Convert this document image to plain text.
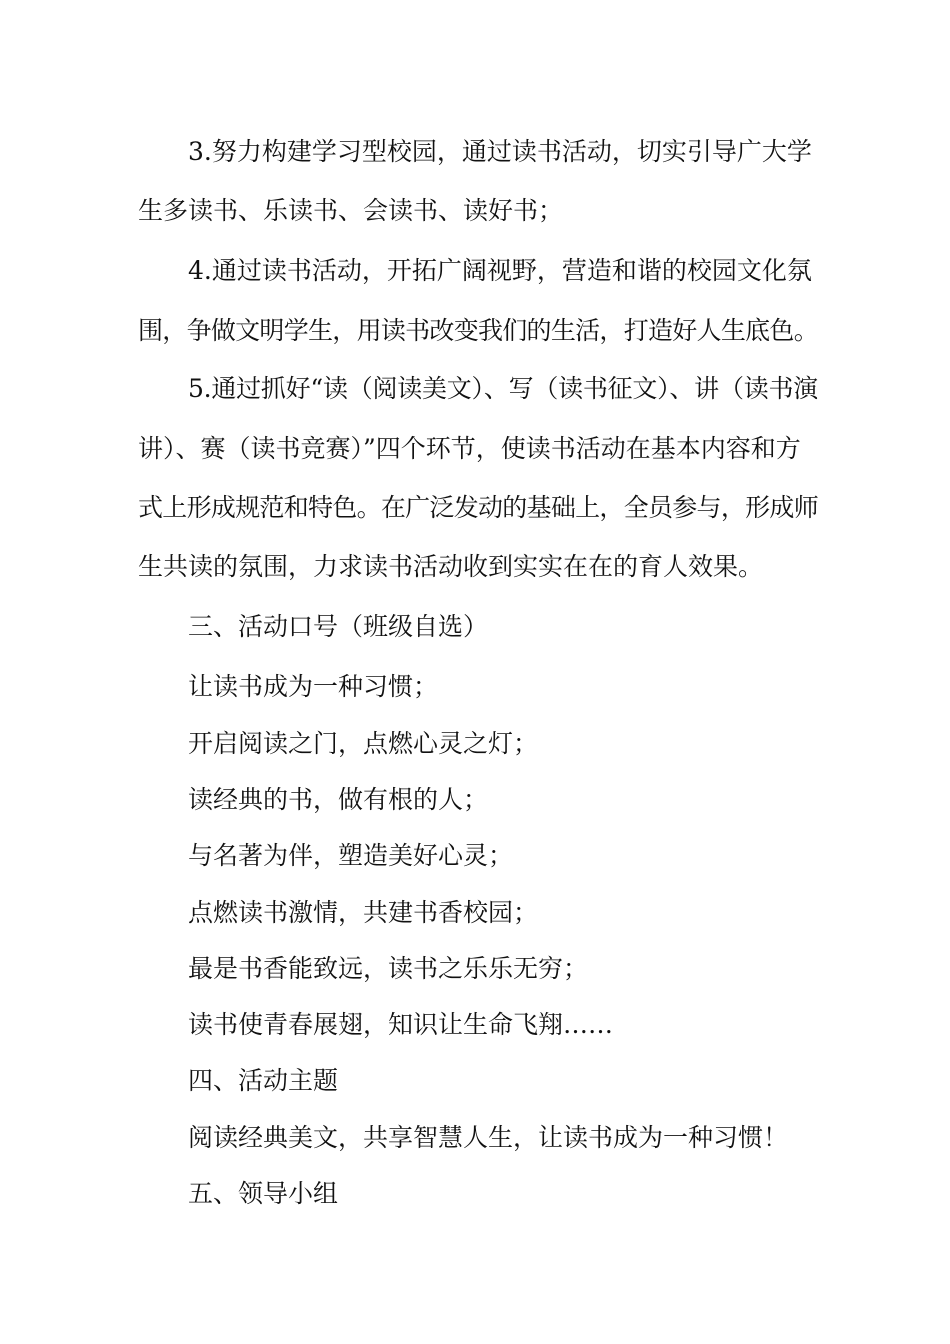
3.努力构建学习型校园，通过读书活动，切实引导广大学
生多读书、乐读书、会读书、读好书；
4.通过读书活动，开拓广阔视野，营造和谐的校园文化氛
围，争做文明学生，用读书改变我们的生活，打造好人生底色。
5.通过抓好“读（阅读美文）、写（读书征文）、讲（读书演
讲）、赛（读书竞赛）”四个环节，使读书活动在基本内容和方
式上形成规范和特色。在广泛发动的基础上，全员参与，形成师
生共读的氛围，力求读书活动收到实实在在的育人效果。
三、活动口号（班级自选）
让读书成为一种习惯；
开启阅读之门，点燃心灵之灯；
读经典的书，做有根的人；
与名著为伴，塑造美好心灵；
点燃读书激情，共建书香校园；
最是书香能致远，读书之乐乐无穷；
读书使青春展翅，知识让生命飞翔……
四、活动主题
阅读经典美文，共享智慧人生，让读书成为一种习惯！
五、领导小组
